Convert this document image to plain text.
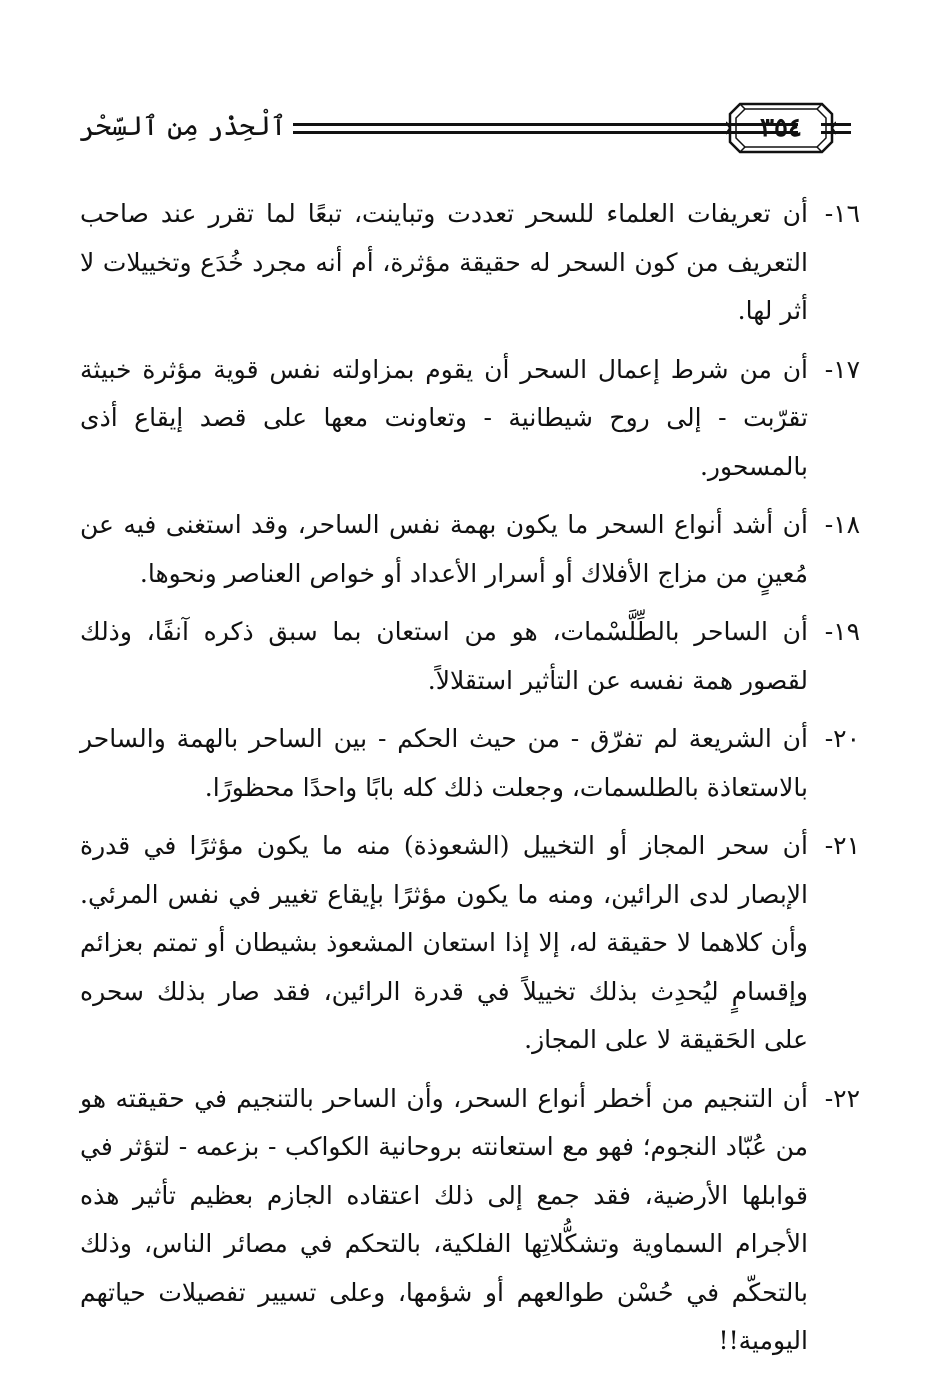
ٱلْحِذْر مِن ٱلسِّحْر	٣٥٤
١٦-
أن تعريفات العلماء للسحر تعددت وتباينت، تبعًا لما تقرر عند صاحب التعريف من كون السحر له حقيقة مؤثرة، أم أنه مجرد خُدَع وتخييلات لا أثر لها.
١٧-
أن من شرط إعمال السحر أن يقوم بمزاولته نفس قوية مؤثرة خبيثة تقرّبت - إلى روح شيطانية - وتعاونت معها على قصد إيقاع أذى بالمسحور.
١٨-
أن أشد أنواع السحر ما يكون بهمة نفس الساحر، وقد استغنى فيه عن مُعينٍ من مزاج الأفلاك أو أسرار الأعداد أو خواص العناصر ونحوها.
١٩-
أن الساحر بالطِّلَّسْمات، هو من استعان بما سبق ذكره آنفًا، وذلك لقصور همة نفسه عن التأثير استقلالاً.
٢٠-
أن الشريعة لم تفرّق - من حيث الحكم - بين الساحر بالهمة والساحر بالاستعاذة بالطلسمات، وجعلت ذلك كله بابًا واحدًا محظورًا.
٢١-
أن سحر المجاز أو التخييل (الشعوذة) منه ما يكون مؤثرًا في قدرة الإبصار لدى الرائين، ومنه ما يكون مؤثرًا بإيقاع تغيير في نفس المرئي. وأن كلاهما لا حقيقة له، إلا إذا استعان المشعوذ بشيطان أو تمتم بعزائم وإقسامٍ ليُحدِث بذلك تخييلاً في قدرة الرائين، فقد صار بذلك سحره على الحَقيقة لا على المجاز.
٢٢-
أن التنجيم من أخطر أنواع السحر، وأن الساحر بالتنجيم في حقيقته هو من عُبّاد النجوم؛ فهو مع استعانته بروحانية الكواكب - بزعمه - لتؤثر في قوابلها الأرضية، فقد جمع إلى ذلك اعتقاده الجازم بعظيم تأثير هذه الأجرام السماوية وتشكُّلاتِها الفلكية، بالتحكم في مصائر الناس، وذلك بالتحكّم في حُسْن طوالعهم أو شؤمها، وعلى تسيير تفصيلات حياتهم اليومية!!
